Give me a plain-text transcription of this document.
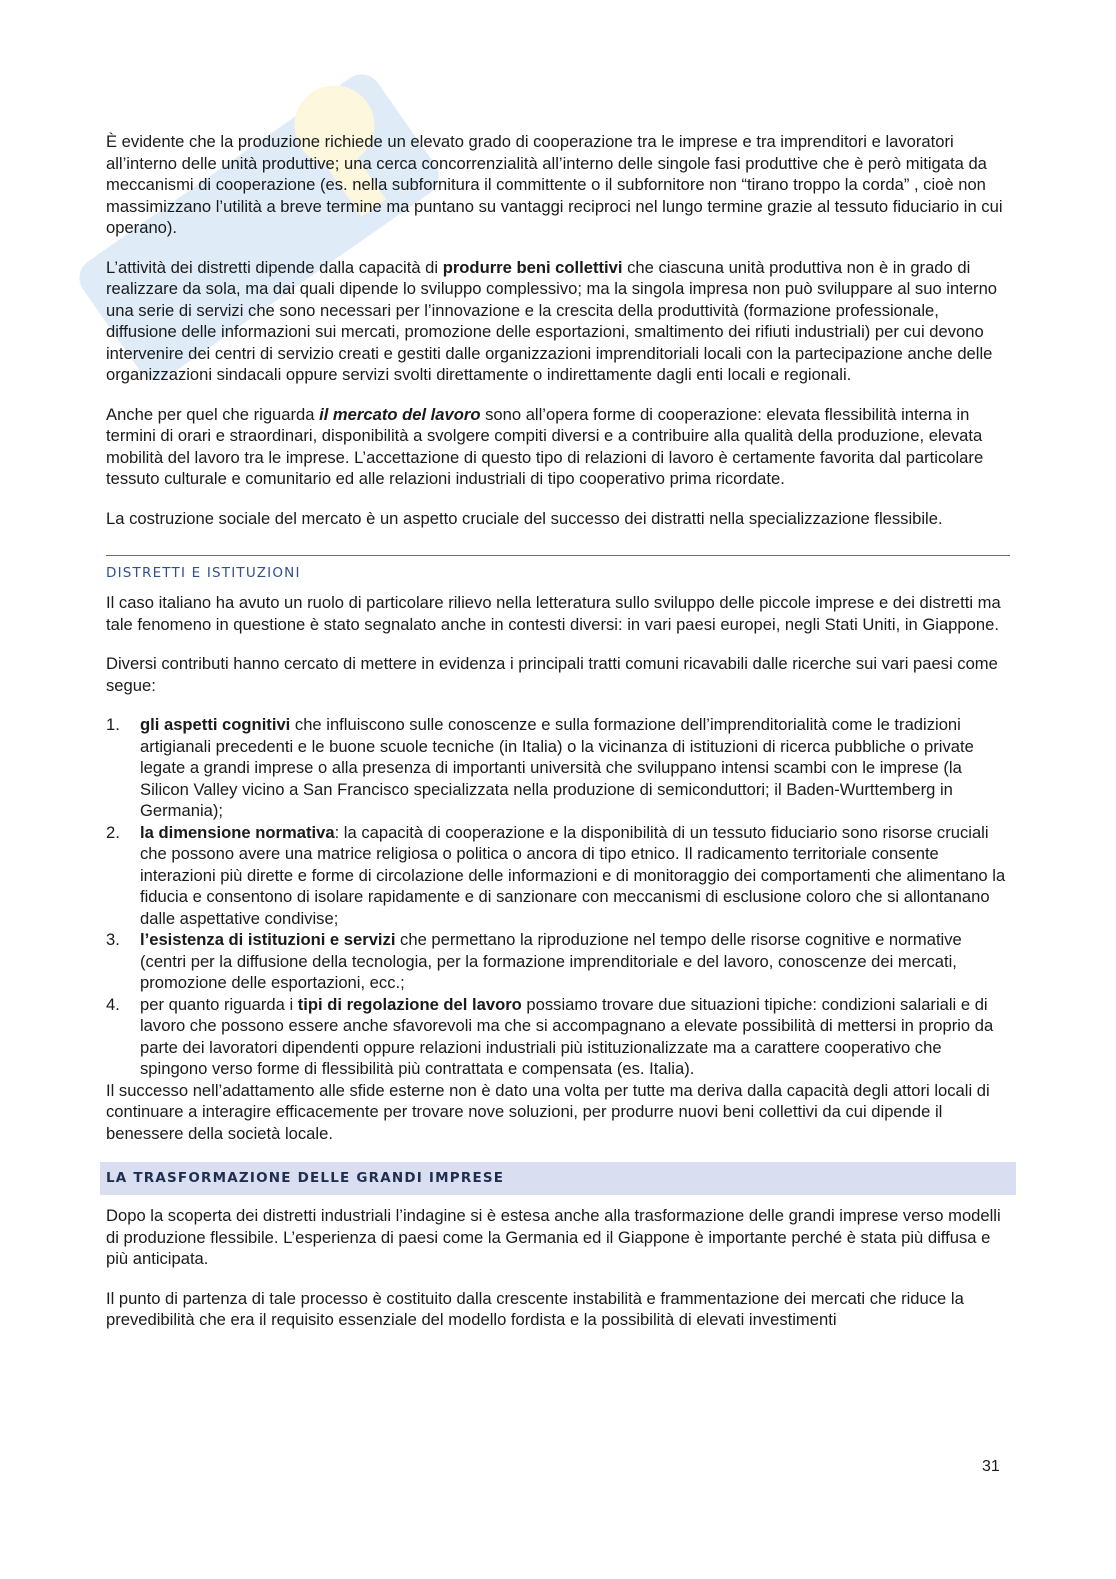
È evidente che la produzione richiede un elevato grado di cooperazione tra le imprese e tra imprenditori e lavoratori all’interno delle unità produttive; una cerca concorrenzialità all’interno delle singole fasi produttive che è però mitigata da meccanismi di cooperazione (es. nella subfornitura il committente o il subfornitore non “tirano troppo la corda” , cioè non massimizzano l’utilità a breve termine ma puntano su vantaggi reciproci nel lungo termine grazie al tessuto fiduciario in cui operano).

L’attività dei distretti dipende dalla capacità di produrre beni collettivi che ciascuna unità produttiva non è in grado di realizzare da sola, ma dai quali dipende lo sviluppo complessivo; ma la singola impresa non può sviluppare al suo interno una serie di servizi che sono necessari per l’innovazione e la crescita della produttività (formazione professionale, diffusione delle informazioni sui mercati, promozione delle esportazioni, smaltimento dei rifiuti industriali) per cui devono intervenire dei centri di servizio creati e gestiti dalle organizzazioni imprenditoriali locali con la partecipazione anche delle organizzazioni sindacali oppure servizi svolti direttamente o indirettamente dagli enti locali e regionali.

Anche per quel che riguarda il mercato del lavoro sono all’opera forme di cooperazione: elevata flessibilità interna in termini di orari e straordinari, disponibilità a svolgere compiti diversi e a contribuire alla qualità della produzione, elevata mobilità del lavoro tra le imprese. L’accettazione di questo tipo di relazioni di lavoro è certamente favorita dal particolare tessuto culturale e comunitario ed alle relazioni industriali di tipo cooperativo prima ricordate.

La costruzione sociale del mercato è un aspetto cruciale del successo dei distratti nella specializzazione flessibile.

DISTRETTI E ISTITUZIONI

Il caso italiano ha avuto un ruolo di particolare rilievo nella letteratura sullo sviluppo delle piccole imprese e dei distretti ma tale fenomeno in questione è stato segnalato anche in contesti diversi: in vari paesi europei, negli Stati Uniti, in Giappone.

Diversi contributi hanno cercato di mettere in evidenza i principali tratti comuni ricavabili dalle ricerche sui vari paesi come segue:

1. gli aspetti cognitivi che influiscono sulle conoscenze e sulla formazione dell’imprenditorialità come le tradizioni artigianali precedenti e le buone scuole tecniche (in Italia) o la vicinanza di istituzioni di ricerca pubbliche o private legate a grandi imprese o alla presenza di importanti università che sviluppano intensi scambi con le imprese (la Silicon Valley vicino a San Francisco specializzata nella produzione di semiconduttori; il Baden-Wurttemberg in Germania);
2. la dimensione normativa: la capacità di cooperazione e la disponibilità di un tessuto fiduciario sono risorse cruciali che possono avere una matrice religiosa o politica o ancora di tipo etnico. Il radicamento territoriale consente interazioni più dirette e forme di circolazione delle informazioni e di monitoraggio dei comportamenti che alimentano la fiducia e consentono di isolare rapidamente e di sanzionare con meccanismi di esclusione coloro che si allontanano dalle aspettative condivise;
3. l’esistenza di istituzioni e servizi che permettano la riproduzione nel tempo delle risorse cognitive e normative (centri per la diffusione della tecnologia, per la formazione imprenditoriale e del lavoro, conoscenze dei mercati, promozione delle esportazioni, ecc.;
4. per quanto riguarda i tipi di regolazione del lavoro possiamo trovare due situazioni tipiche: condizioni salariali e di lavoro che possono essere anche sfavorevoli ma che si accompagnano a elevate possibilità di mettersi in proprio da parte dei lavoratori dipendenti oppure relazioni industriali più istituzionalizzate ma a carattere cooperativo che spingono verso forme di flessibilità più contrattata e compensata (es. Italia).

Il successo nell’adattamento alle sfide esterne non è dato una volta per tutte ma deriva dalla capacità degli attori locali di continuare a interagire efficacemente per trovare nove soluzioni, per produrre nuovi beni collettivi da cui dipende il benessere della società locale.

LA TRASFORMAZIONE DELLE GRANDI IMPRESE

Dopo la scoperta dei distretti industriali l’indagine si è estesa anche alla trasformazione delle grandi imprese verso modelli di produzione flessibile. L’esperienza di paesi come la Germania ed il Giappone è importante perché è stata più diffusa e più anticipata.

Il punto di partenza di tale processo è costituito dalla crescente instabilità e frammentazione dei mercati che riduce la prevedibilità che era il requisito essenziale del modello fordista e la possibilità di elevati investimenti

31
